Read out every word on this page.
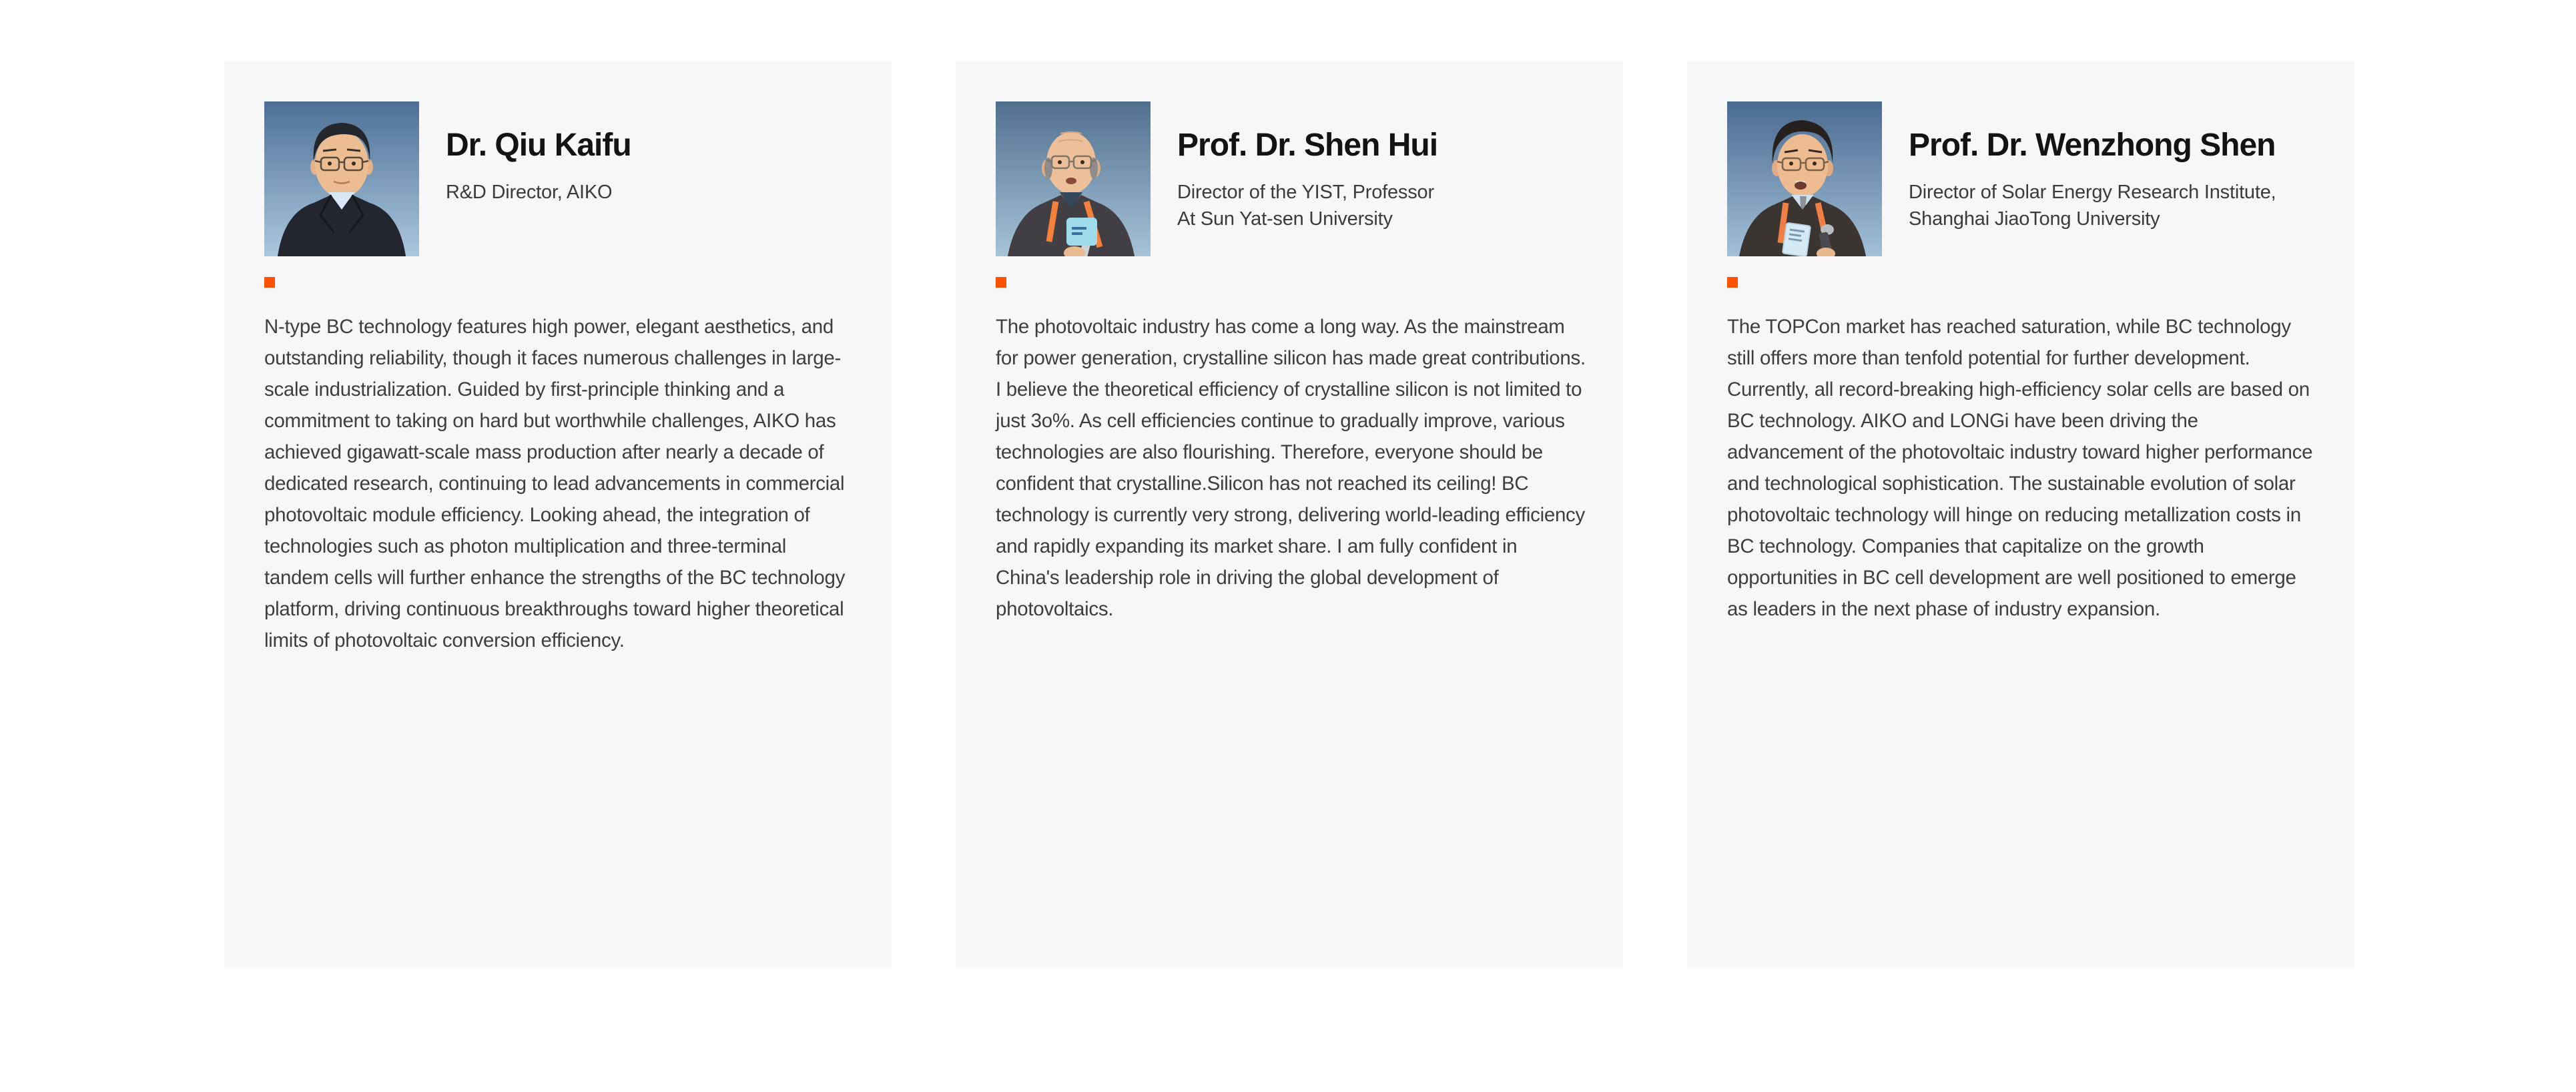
Dr. Qiu Kaifu
R&D Director, AIKO

N-type BC technology features high power, elegant aesthetics, and outstanding reliability, though it faces numerous challenges in large-scale industrialization. Guided by first-principle thinking and a commitment to taking on hard but worthwhile challenges, AIKO has achieved gigawatt-scale mass production after nearly a decade of dedicated research, continuing to lead advancements in commercial photovoltaic module efficiency. Looking ahead, the integration of technologies such as photon multiplication and three-terminal tandem cells will further enhance the strengths of the BC technology platform, driving continuous breakthroughs toward higher theoretical limits of photovoltaic conversion efficiency.

Prof. Dr. Shen Hui
Director of the YIST, Professor
At Sun Yat-sen University

The photovoltaic industry has come a long way. As the mainstream for power generation, crystalline silicon has made great contributions. I believe the theoretical efficiency of crystalline silicon is not limited to just 3o%. As cell efficiencies continue to gradually improve, various technologies are also flourishing. Therefore, everyone should be confident that crystalline.Silicon has not reached its ceiling! BC technology is currently very strong, delivering world-leading efficiency and rapidly expanding its market share. I am fully confident in China's leadership role in driving the global development of photovoltaics.

Prof. Dr. Wenzhong Shen
Director of Solar Energy Research Institute,
Shanghai JiaoTong University

The TOPCon market has reached saturation, while BC technology still offers more than tenfold potential for further development. Currently, all record-breaking high-efficiency solar cells are based on BC technology. AIKO and LONGi have been driving the advancement of the photovoltaic industry toward higher performance and technological sophistication. The sustainable evolution of solar photovoltaic technology will hinge on reducing metallization costs in BC technology. Companies that capitalize on the growth opportunities in BC cell development are well positioned to emerge as leaders in the next phase of industry expansion.
